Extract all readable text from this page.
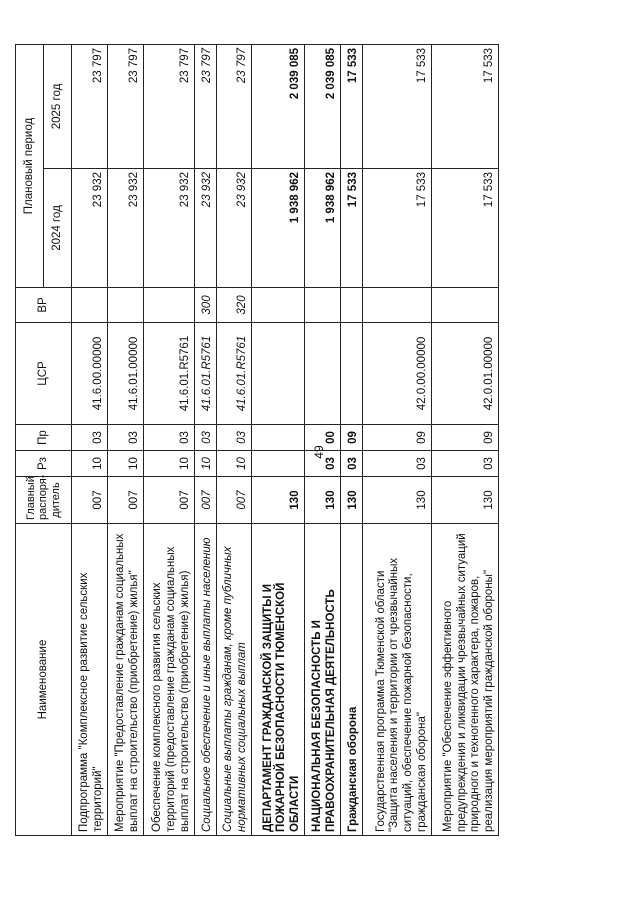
49
Наименование	Главный распоря-дитель	Рз	Пр	ЦСР	ВР	Плановый период	
						2024 год	2025 год
Подпрограмма "Комплексное развитие сельских территорий"	007	10	03	41.6.00.00000		23 932	23 797
Мероприятие "Предоставление гражданам социальных выплат на строительство (приобретение) жилья"	007	10	03	41.6.01.00000		23 932	23 797
Обеспечение комплексного развития сельских территорий (предоставление гражданам социальных выплат на строительство (приобретение) жилья)	007	10	03	41.6.01.R5761		23 932	23 797
Социальное обеспечение и иные выплаты населению	007	10	03	41.6.01.R5761	300	23 932	23 797
Социальные выплаты гражданам, кроме публичных нормативных социальных выплат	007	10	03	41.6.01.R5761	320	23 932	23 797
ДЕПАРТАМЕНТ ГРАЖДАНСКОЙ ЗАЩИТЫ И ПОЖАРНОЙ БЕЗОПАСНОСТИ ТЮМЕНСКОЙ ОБЛАСТИ	130					1 938 962	2 039 085
НАЦИОНАЛЬНАЯ БЕЗОПАСНОСТЬ И ПРАВООХРАНИТЕЛЬНАЯ ДЕЯТЕЛЬНОСТЬ	130	03	00			1 938 962	2 039 085
Гражданская оборона	130	03	09			17 533	17 533
Государственная программа Тюменской области "Защита населения и территории от чрезвычайных ситуаций, обеспечение пожарной безопасности, гражданская оборона"	130	03	09	42.0.00.00000		17 533	17 533
Мероприятие "Обеспечение эффективного предупреждения и ликвидации чрезвычайных ситуаций природного и техногенного характера, пожаров, реализация мероприятий гражданской обороны"	130	03	09	42.0.01.00000		17 533	17 533
